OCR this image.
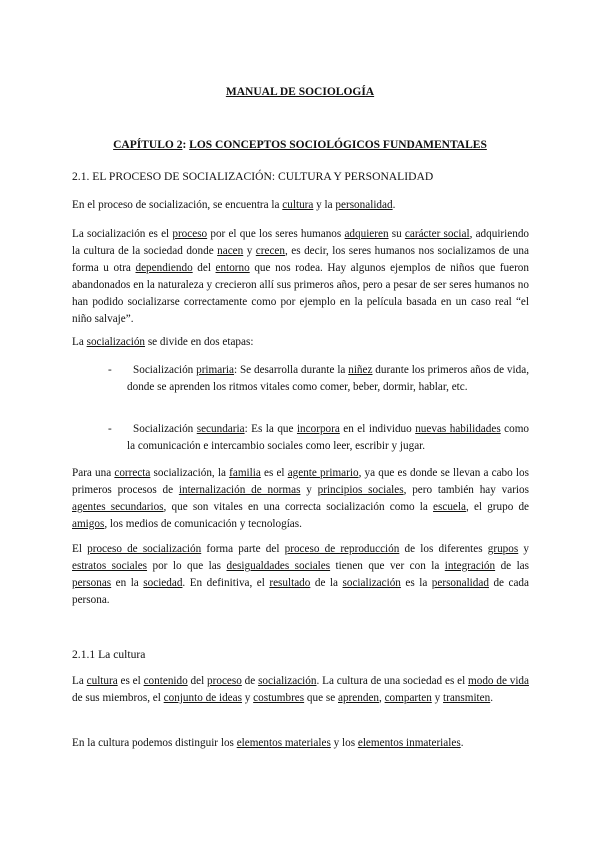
MANUAL DE SOCIOLOGÍA
CAPÍTULO 2: LOS CONCEPTOS SOCIOLÓGICOS FUNDAMENTALES
2.1. EL PROCESO DE SOCIALIZACIÓN: CULTURA Y PERSONALIDAD
En el proceso de socialización, se encuentra la cultura y la personalidad.
La socialización es el proceso por el que los seres humanos adquieren su carácter social, adquiriendo la cultura de la sociedad donde nacen y crecen, es decir, los seres humanos nos socializamos de una forma u otra dependiendo del entorno que nos rodea. Hay algunos ejemplos de niños que fueron abandonados en la naturaleza y crecieron allí sus primeros años, pero a pesar de ser seres humanos no han podido socializarse correctamente como por ejemplo en la película basada en un caso real “el niño salvaje”.
La socialización se divide en dos etapas:
-	Socialización primaria: Se desarrolla durante la niñez durante los primeros años de vida, donde se aprenden los ritmos vitales como comer, beber, dormir, hablar, etc.
-	Socialización secundaria: Es la que incorpora en el individuo nuevas habilidades como la comunicación e intercambio sociales como leer, escribir y jugar.
Para una correcta socialización, la familia es el agente primario, ya que es donde se llevan a cabo los primeros procesos de internalización de normas y principios sociales, pero también hay varios agentes secundarios, que son vitales en una correcta socialización como la escuela, el grupo de amigos, los medios de comunicación y tecnologías.
El proceso de socialización forma parte del proceso de reproducción de los diferentes grupos y estratos sociales por lo que las desigualdades sociales tienen que ver con la integración de las personas en la sociedad. En definitiva, el resultado de la socialización es la personalidad de cada persona.
2.1.1 La cultura
La cultura es el contenido del proceso de socialización. La cultura de una sociedad es el modo de vida de sus miembros, el conjunto de ideas y costumbres que se aprenden, comparten y transmiten.
En la cultura podemos distinguir los elementos materiales y los elementos inmateriales.
